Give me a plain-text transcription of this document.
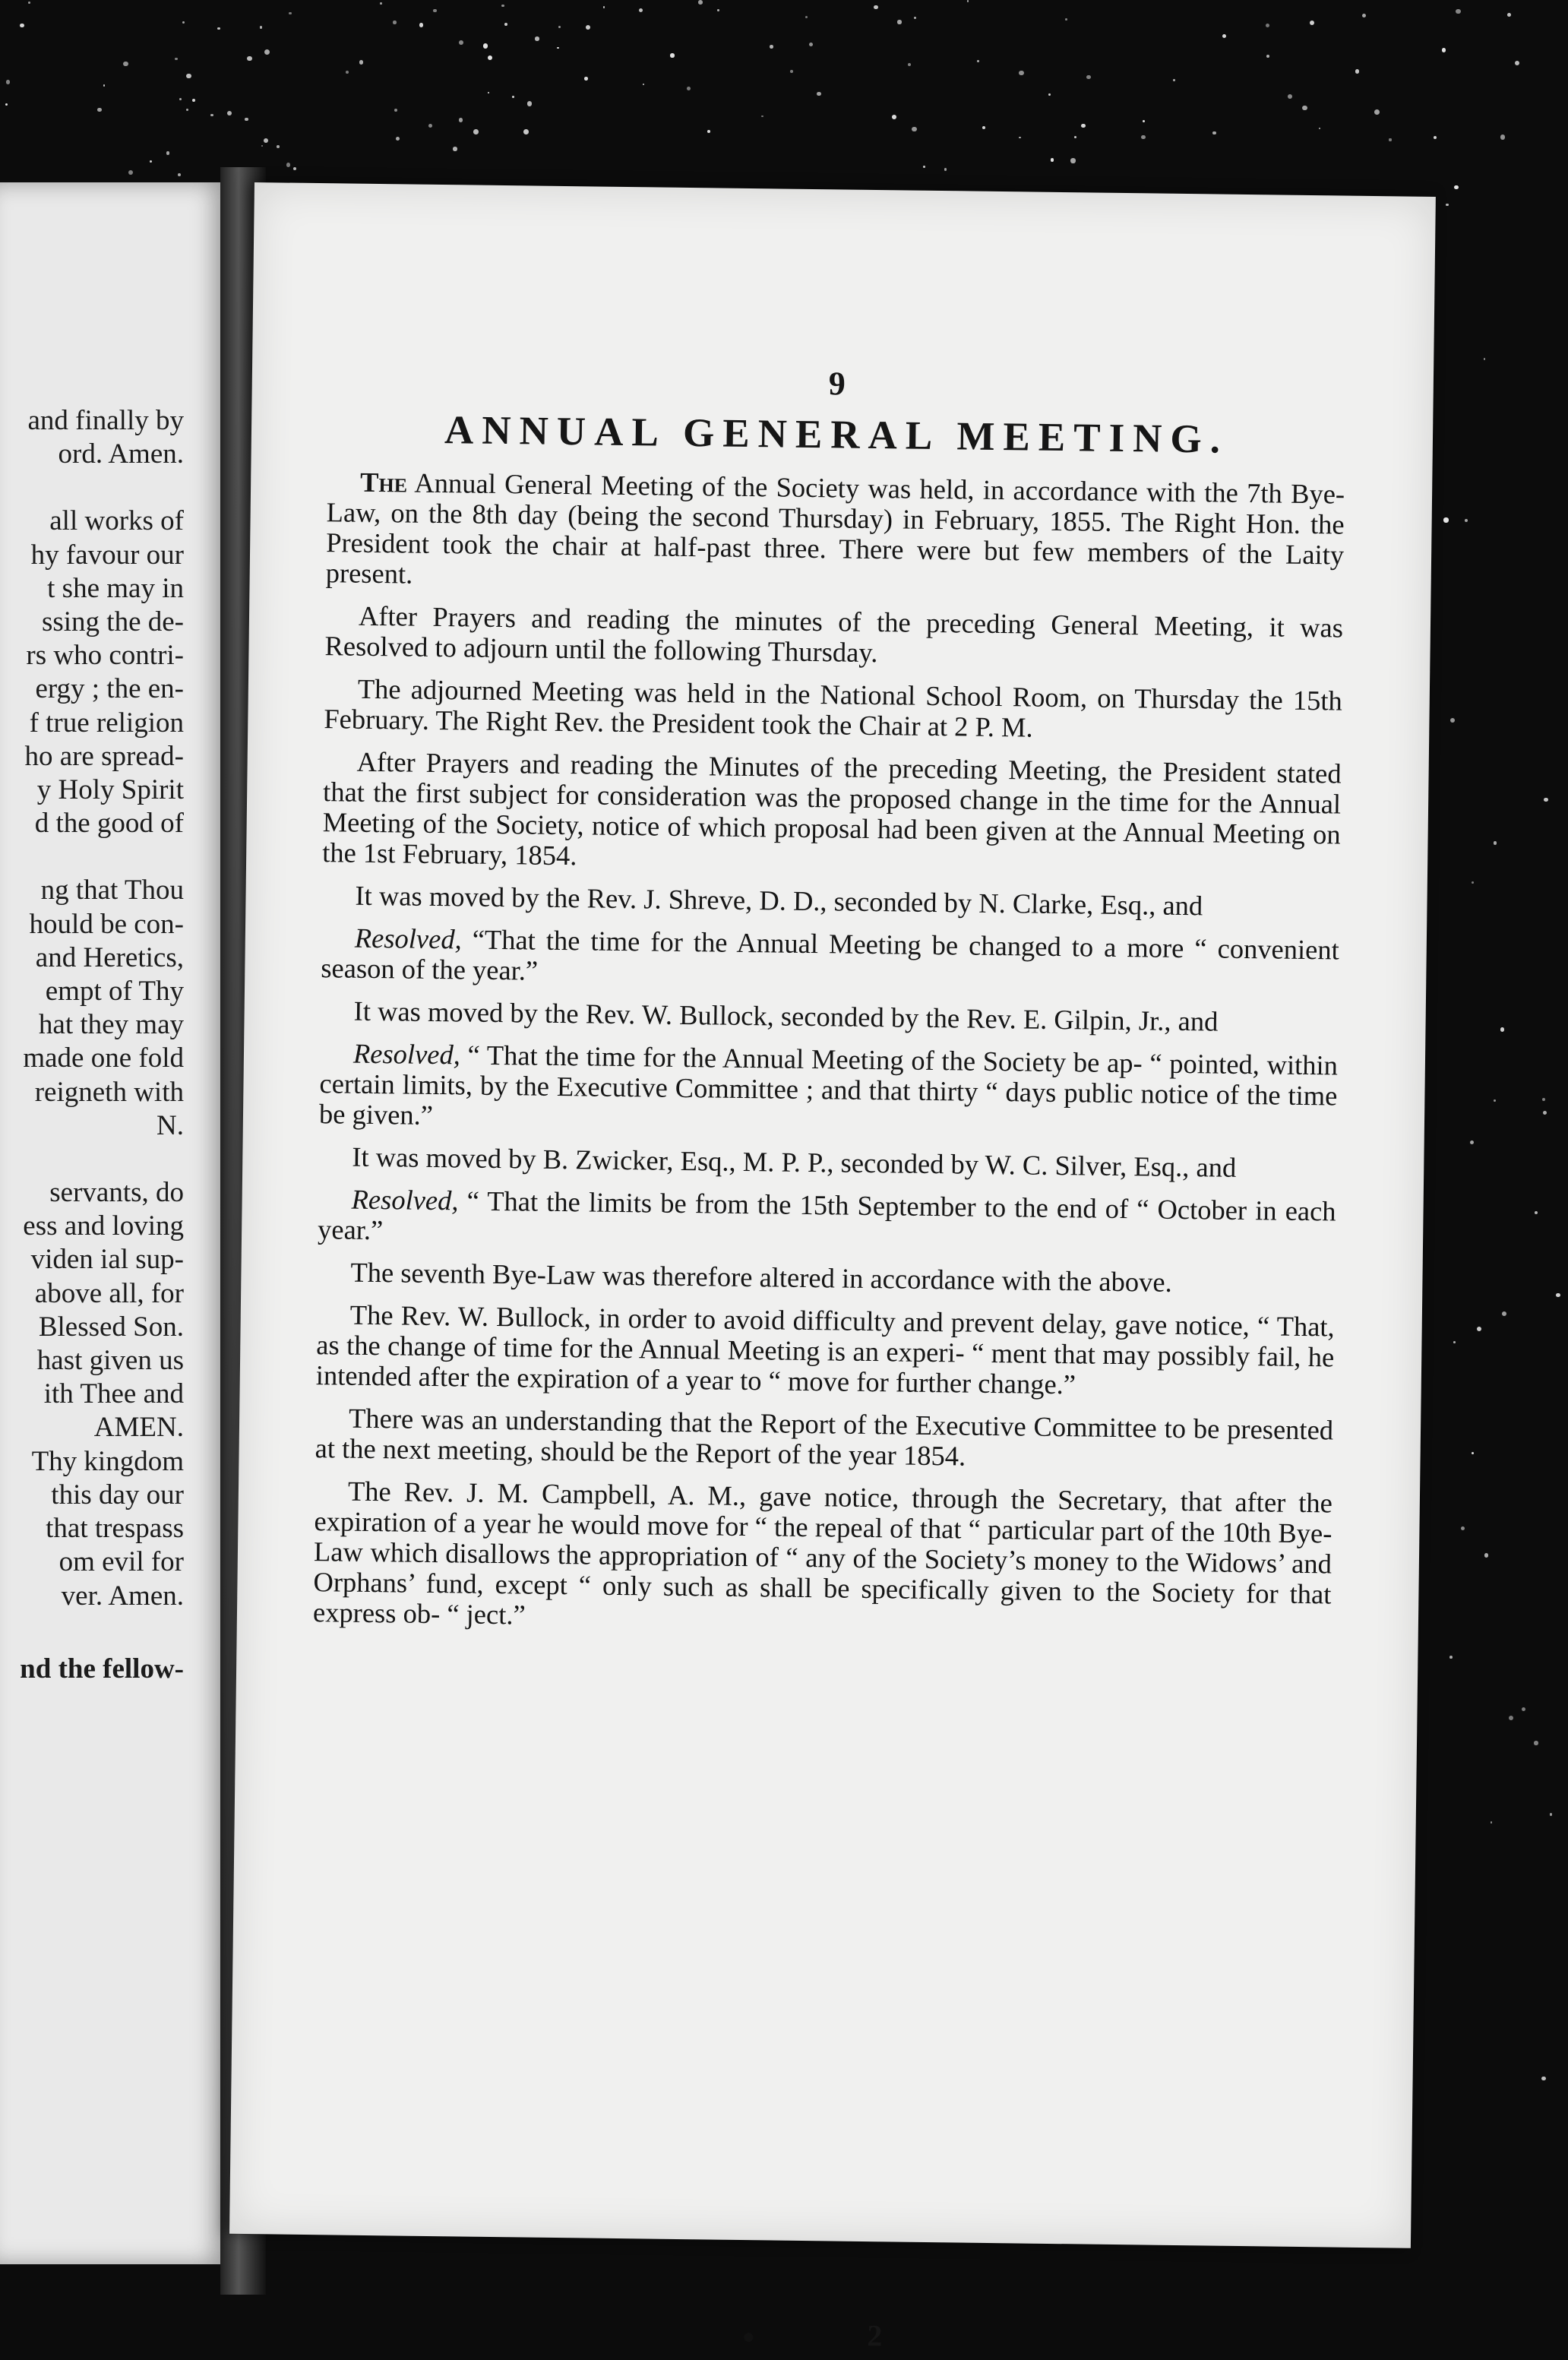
and finally by
ord. Amen.

all works of
hy favour our
t she may in
ssing the de-
rs who contri-
ergy ; the en-
f true religion
ho are spread-
y Holy Spirit
d the good of

ng that Thou
hould be con-
and Heretics,
empt of Thy
hat they may
made one fold
reigneth with
N.

servants, do
ess and loving
viden ial sup-
above all, for
Blessed Son.
hast given us
ith Thee and
AMEN.
Thy kingdom
this day our
that trespass
om evil for
ver. Amen.
nd the fellow-
9
ANNUAL GENERAL MEETING.

The Annual General Meeting of the Society was held, in accordance with the 7th Bye-Law, on the 8th day (being the second Thursday) in February, 1855. The Right Hon. the President took the chair at half-past three. There were but few members of the Laity present.

After Prayers and reading the minutes of the preceding General Meeting, it was Resolved to adjourn until the following Thursday.

The adjourned Meeting was held in the National School Room, on Thursday the 15th February. The Right Rev. the President took the Chair at 2 P. M.

After Prayers and reading the Minutes of the preceding Meeting, the President stated that the first subject for consideration was the proposed change in the time for the Annual Meeting of the Society, notice of which proposal had been given at the Annual Meeting on the 1st February, 1854.

It was moved by the Rev. J. Shreve, D. D., seconded by N. Clarke, Esq., and

Resolved, “That the time for the Annual Meeting be changed to a more “ convenient season of the year.”

It was moved by the Rev. W. Bullock, seconded by the Rev. E. Gilpin, Jr., and

Resolved, “ That the time for the Annual Meeting of the Society be ap- “ pointed, within certain limits, by the Executive Committee ; and that thirty “ days public notice of the time be given.”

It was moved by B. Zwicker, Esq., M. P. P., seconded by W. C. Silver, Esq., and

Resolved, “ That the limits be from the 15th September to the end of “ October in each year.”

The seventh Bye-Law was therefore altered in accordance with the above.

The Rev. W. Bullock, in order to avoid difficulty and prevent delay, gave notice, “ That, as the change of time for the Annual Meeting is an experi- “ ment that may possibly fail, he intended after the expiration of a year to “ move for further change.”

There was an understanding that the Report of the Executive Committee to be presented at the next meeting, should be the Report of the year 1854.

The Rev. J. M. Campbell, A. M., gave notice, through the Secretary, that after the expiration of a year he would move for “ the repeal of that “ particular part of the 10th Bye-Law which disallows the appropriation of “ any of the Society’s money to the Widows’ and Orphans’ fund, except “ only such as shall be specifically given to the Society for that express ob- “ ject.”

2
